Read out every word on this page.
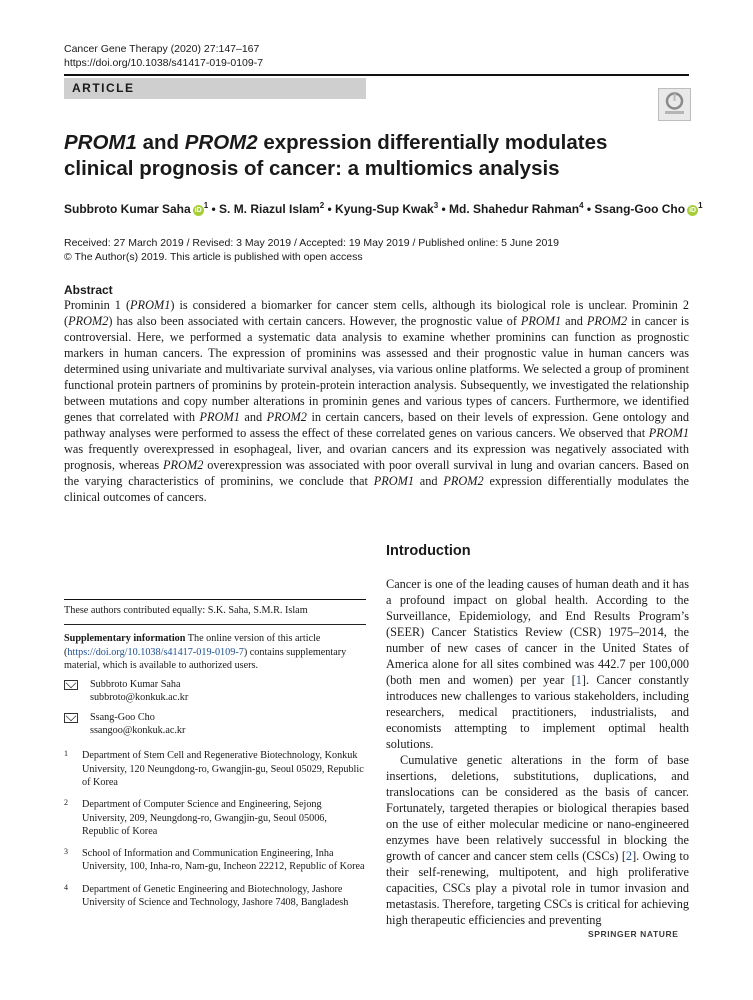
Cancer Gene Therapy (2020) 27:147–167
https://doi.org/10.1038/s41417-019-0109-7
ARTICLE
PROM1 and PROM2 expression differentially modulates clinical prognosis of cancer: a multiomics analysis
Subbroto Kumar Saha $iD^1$ • S. M. Riazul Islam$^2$ • Kyung-Sup Kwak$^3$ • Md. Shahedur Rahman$^4$ • Ssang-Goo Cho $iD^1$
Received: 27 March 2019 / Revised: 3 May 2019 / Accepted: 19 May 2019 / Published online: 5 June 2019
© The Author(s) 2019. This article is published with open access
Abstract
Prominin 1 (PROM1) is considered a biomarker for cancer stem cells, although its biological role is unclear. Prominin 2 (PROM2) has also been associated with certain cancers. However, the prognostic value of PROM1 and PROM2 in cancer is controversial. Here, we performed a systematic data analysis to examine whether prominins can function as prognostic markers in human cancers. The expression of prominins was assessed and their prognostic value in human cancers was determined using univariate and multivariate survival analyses, via various online platforms. We selected a group of prominent functional protein partners of prominins by protein-protein interaction analysis. Subsequently, we investigated the relationship between mutations and copy number alterations in prominin genes and various types of cancers. Furthermore, we identified genes that correlated with PROM1 and PROM2 in certain cancers, based on their levels of expression. Gene ontology and pathway analyses were performed to assess the effect of these correlated genes on various cancers. We observed that PROM1 was frequently overexpressed in esophageal, liver, and ovarian cancers and its expression was negatively associated with prognosis, whereas PROM2 overexpression was associated with poor overall survival in lung and ovarian cancers. Based on the varying characteristics of prominins, we conclude that PROM1 and PROM2 expression differentially modulates the clinical outcomes of cancers.

These authors contributed equally: S.K. Saha, S.M.R. Islam

Supplementary information The online version of this article (https://doi.org/10.1038/s41417-019-0109-7) contains supplementary material, which is available to authorized users.

Subbroto Kumar Saha
subbroto@konkuk.ac.kr
Ssang-Goo Cho
ssangoo@konkuk.ac.kr
1	Department of Stem Cell and Regenerative Biotechnology, Konkuk University, 120 Neungdong-ro, Gwangjin-gu, Seoul 05029, Republic of Korea
2	Department of Computer Science and Engineering, Sejong University, 209, Neungdong-ro, Gwangjin-gu, Seoul 05006, Republic of Korea
3	School of Information and Communication Engineering, Inha University, 100, Inha-ro, Nam-gu, Incheon 22212, Republic of Korea
4	Department of Genetic Engineering and Biotechnology, Jashore University of Science and Technology, Jashore 7408, Bangladesh
Introduction

Cancer is one of the leading causes of human death and it has a profound impact on global health. According to the Surveillance, Epidemiology, and End Results Program’s (SEER) Cancer Statistics Review (CSR) 1975–2014, the number of new cases of cancer in the United States of America alone for all sites combined was 442.7 per 100,000 (both men and women) per year [1]. Cancer constantly introduces new challenges to various stakeholders, including researchers, medical practitioners, industrialists, and economists attempting to implement optimal health solutions.

Cumulative genetic alterations in the form of base insertions, deletions, substitutions, duplications, and translocations can be considered as the basis of cancer. Fortunately, targeted therapies or biological therapies based on the use of either molecular medicine or nano-engineered enzymes have been relatively successful in blocking the growth of cancer and cancer stem cells (CSCs) [2]. Owing to their self-renewing, multipotent, and high proliferative capacities, CSCs play a pivotal role in tumor invasion and metastasis. Therefore, targeting CSCs is critical for achieving high therapeutic efficiencies and preventing

SPRINGER NATURE
